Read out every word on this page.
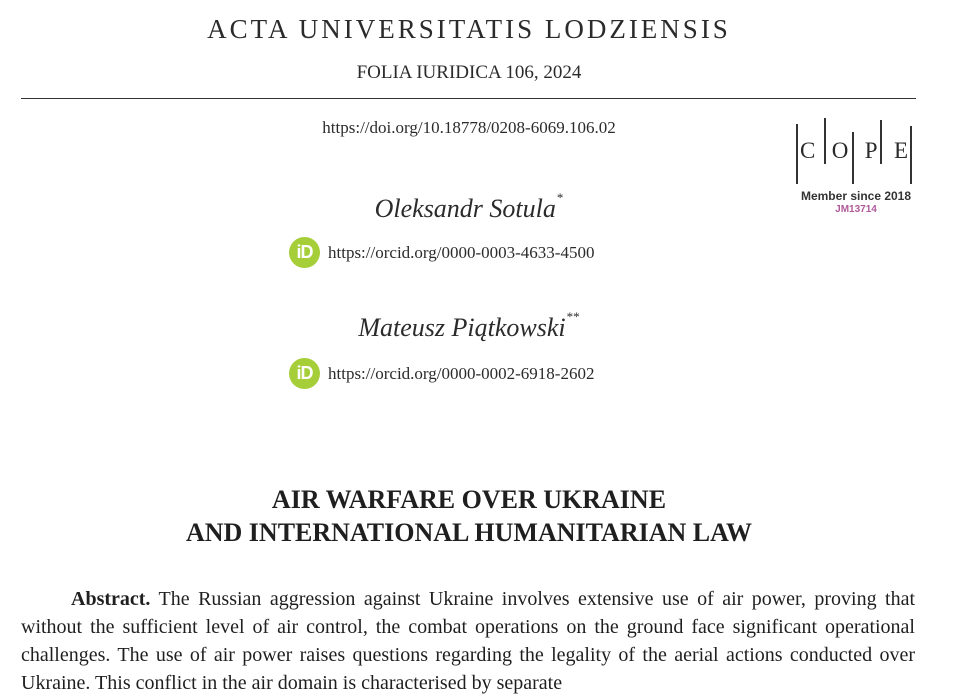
ACTA UNIVERSITATIS LODZIENSIS
FOLIA IURIDICA 106, 2024
https://doi.org/10.18778/0208-6069.106.02
C O P E
Member since 2018
JM13714
Oleksandr Sotula*
iD https://orcid.org/0000-0003-4633-4500
Mateusz Piątkowski**
iD https://orcid.org/0000-0002-6918-2602
AIR WARFARE OVER UKRAINE
AND INTERNATIONAL HUMANITARIAN LAW
Abstract. The Russian aggression against Ukraine involves extensive use of air power, proving that without the sufficient level of air control, the combat operations on the ground face significant operational challenges. The use of air power raises questions regarding the legality of the aerial actions conducted over Ukraine. This conflict in the air domain is characterised by separate
